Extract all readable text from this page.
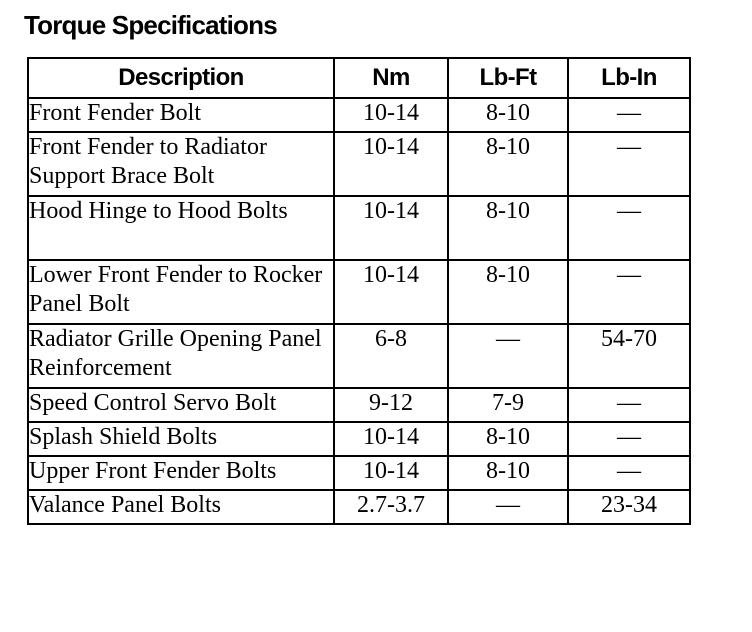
Torque Specifications
Description	Nm	Lb-Ft	Lb-In
Front Fender Bolt	10-14	8-10	—
Front Fender to Radiator Support Brace Bolt	10-14	8-10	—
Hood Hinge to Hood Bolts	10-14	8-10	—
Lower Front Fender to Rocker Panel Bolt	10-14	8-10	—
Radiator Grille Opening Panel Reinforcement	6-8	—	54-70
Speed Control Servo Bolt	9-12	7-9	—
Splash Shield Bolts	10-14	8-10	—
Upper Front Fender Bolts	10-14	8-10	—
Valance Panel Bolts	2.7-3.7	—	23-34
